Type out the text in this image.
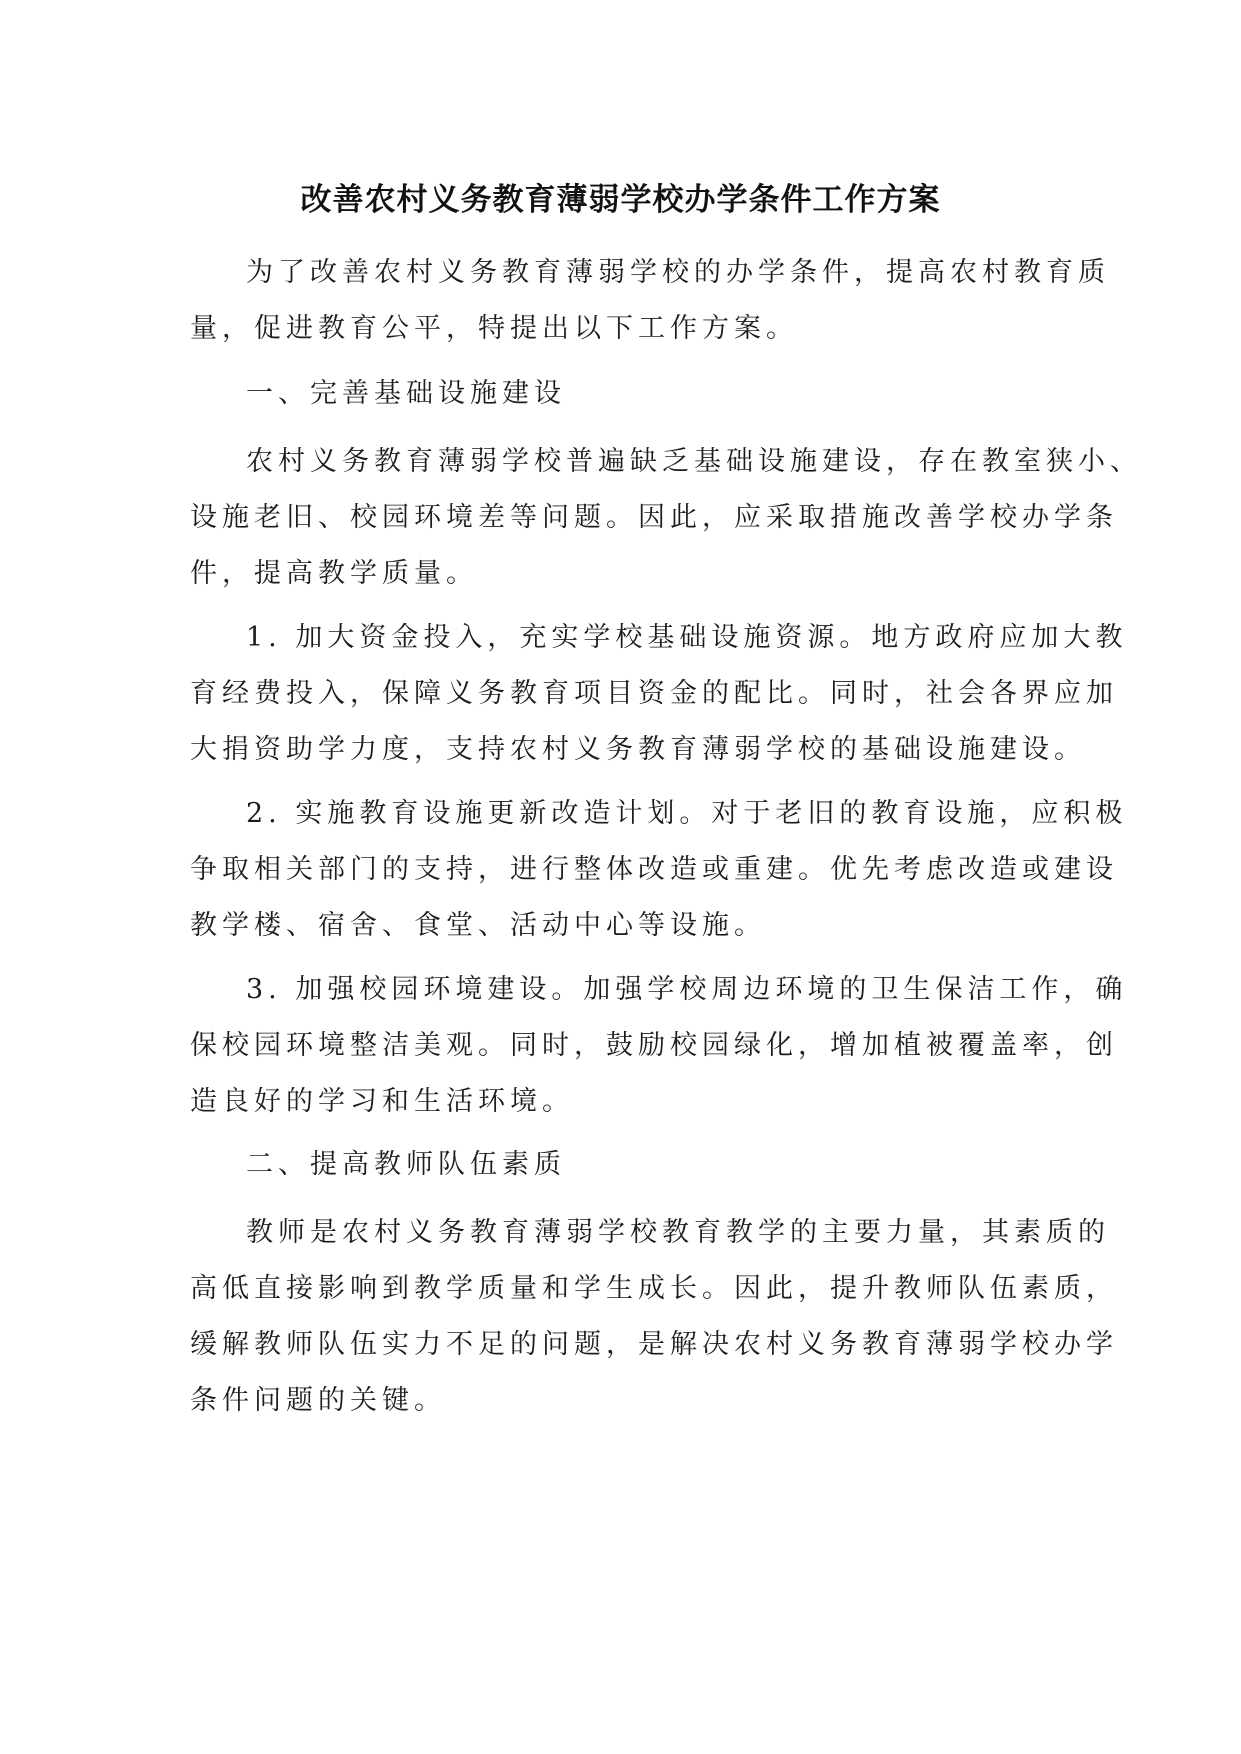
改善农村义务教育薄弱学校办学条件工作方案
为了改善农村义务教育薄弱学校的办学条件，提高农村教育质
量，促进教育公平，特提出以下工作方案。
一、完善基础设施建设
农村义务教育薄弱学校普遍缺乏基础设施建设，存在教室狭小、
设施老旧、校园环境差等问题。因此，应采取措施改善学校办学条
件，提高教学质量。
1. 加大资金投入，充实学校基础设施资源。地方政府应加大教
育经费投入，保障义务教育项目资金的配比。同时，社会各界应加
大捐资助学力度，支持农村义务教育薄弱学校的基础设施建设。
2. 实施教育设施更新改造计划。对于老旧的教育设施，应积极
争取相关部门的支持，进行整体改造或重建。优先考虑改造或建设
教学楼、宿舍、食堂、活动中心等设施。
3. 加强校园环境建设。加强学校周边环境的卫生保洁工作，确
保校园环境整洁美观。同时，鼓励校园绿化，增加植被覆盖率，创
造良好的学习和生活环境。
二、提高教师队伍素质
教师是农村义务教育薄弱学校教育教学的主要力量，其素质的
高低直接影响到教学质量和学生成长。因此，提升教师队伍素质，
缓解教师队伍实力不足的问题，是解决农村义务教育薄弱学校办学
条件问题的关键。
